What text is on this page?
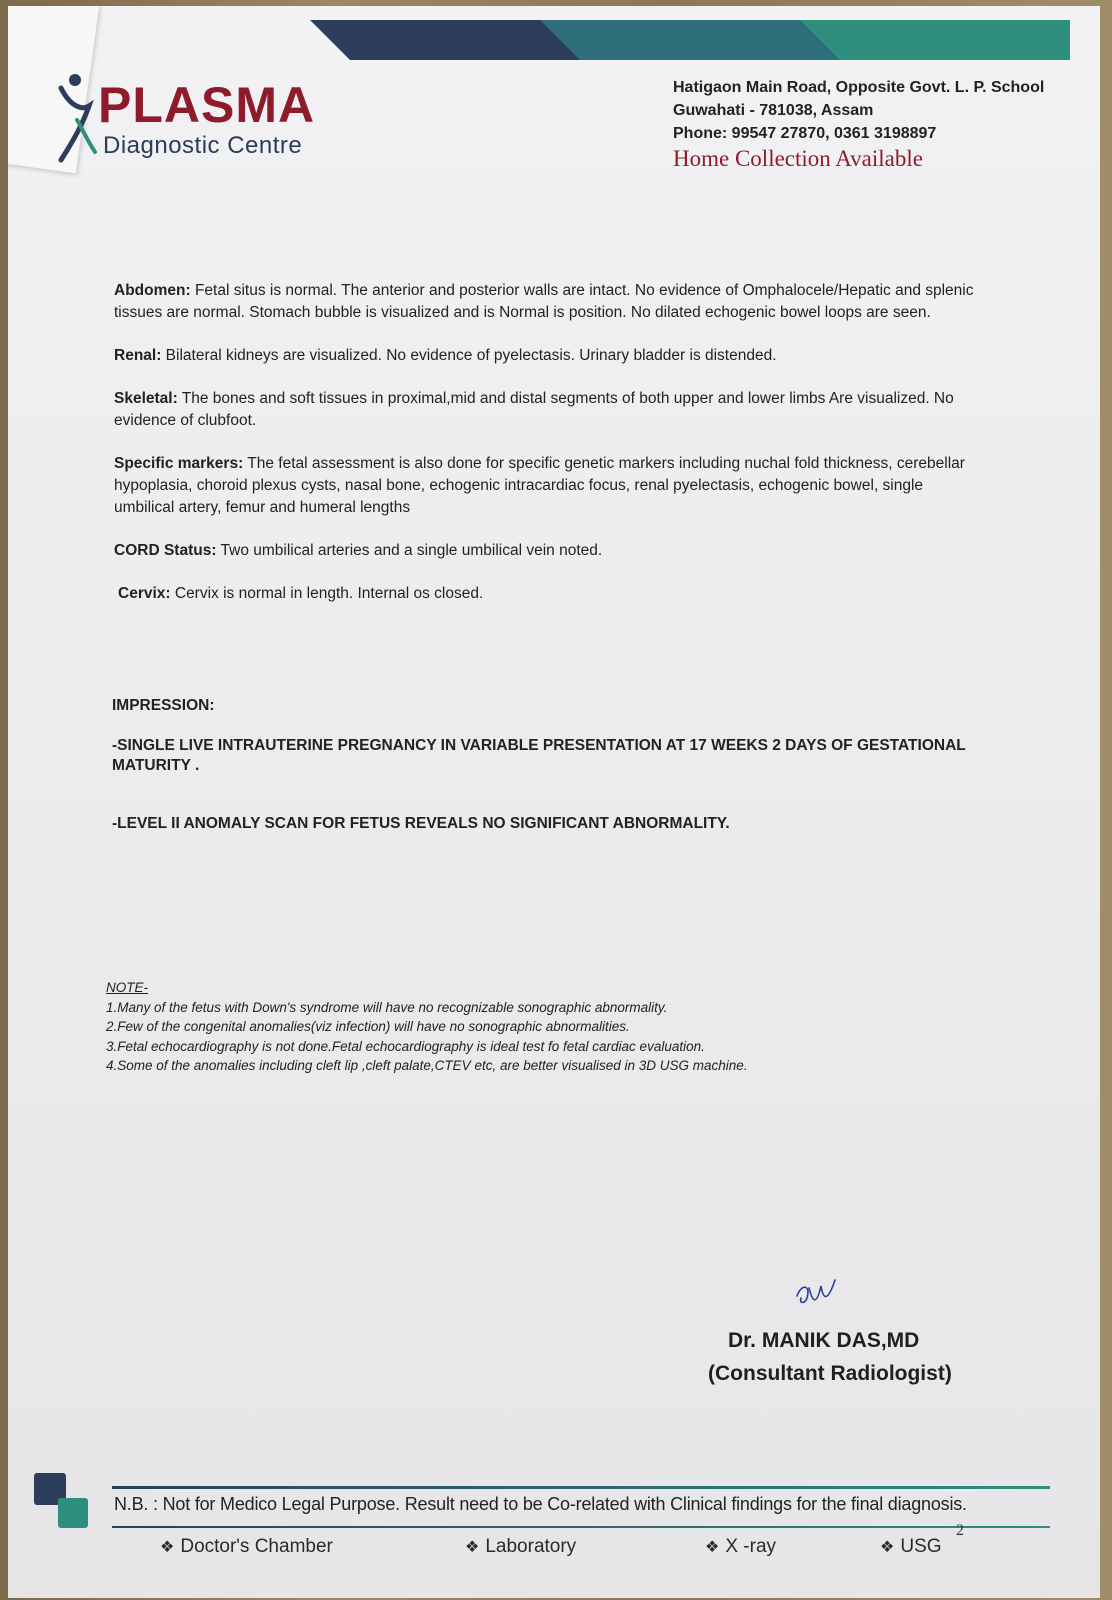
PLASMA
Diagnostic Centre
Hatigaon Main Road, Opposite Govt. L. P. School
Guwahati - 781038, Assam
Phone: 99547 27870, 0361 3198897
Home Collection Available

Abdomen: Fetal situs is normal. The anterior and posterior walls are intact. No evidence of Omphalocele/Hepatic and splenic tissues are normal. Stomach bubble is visualized and is Normal is position. No dilated echogenic bowel loops are seen.

Renal: Bilateral kidneys are visualized. No evidence of pyelectasis. Urinary bladder is distended.

Skeletal: The bones and soft tissues in proximal,mid and distal segments of both upper and lower limbs Are visualized. No evidence of clubfoot.

Specific markers: The fetal assessment is also done for specific genetic markers including nuchal fold thickness, cerebellar hypoplasia, choroid plexus cysts, nasal bone, echogenic intracardiac focus, renal pyelectasis, echogenic bowel, single umbilical artery, femur and humeral lengths

CORD Status: Two umbilical arteries and a single umbilical vein noted.

Cervix: Cervix is normal in length. Internal os closed.

IMPRESSION:
-SINGLE LIVE INTRAUTERINE PREGNANCY IN VARIABLE PRESENTATION AT 17 WEEKS 2 DAYS OF GESTATIONAL MATURITY .
-LEVEL II ANOMALY SCAN FOR FETUS REVEALS NO SIGNIFICANT ABNORMALITY.
NOTE-
1.Many of the fetus with Down's syndrome will have no recognizable sonographic abnormality.
2.Few of the congenital anomalies(viz infection) will have no sonographic abnormalities.
3.Fetal echocardiography is not done.Fetal echocardiography is ideal test fo fetal cardiac evaluation.
4.Some of the anomalies including cleft lip ,cleft palate,CTEV etc, are better visualised in 3D USG machine.
Dr. MANIK DAS,MD
(Consultant Radiologist)
N.B. : Not for Medico Legal Purpose. Result need to be Co-related with Clinical findings for the final diagnosis.
2
❖ Doctor's Chamber	❖ Laboratory	❖ X -ray	❖ USG
